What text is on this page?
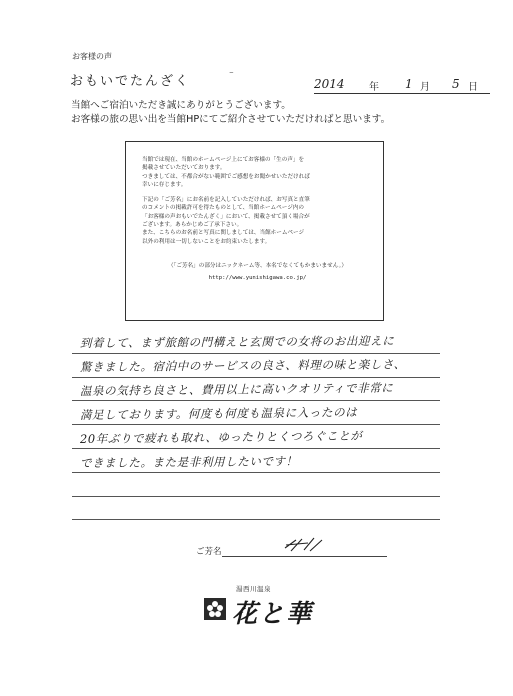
お客様の声
おもいでたんざく	⁻
2014 年 1 月 5 日
当館へご宿泊いただき誠にありがとうございます。
お客様の旅の思い出を当館HPにてご紹介させていただければと思います。

当館では現在、当館のホームページ上にてお客様の「生の声」を

掲載させていただいております。

つきましては、不都合がない範囲でご感想をお聞かせいただければ

幸いに存じます。

下記の「ご芳名」にお名前を記入していただければ、お写真と直筆

のコメントの掲載許可を得たものとして、当館ホームページ内の

「お客様の声おもいでたんざく」において、掲載させて頂く場合が

ございます。あらかじめご了承下さい。

また、こちらのお名前と写真に関しましては、当館ホームページ

以外の利用は一切しないことをお約束いたします。

（「ご芳名」の部分はニックネーム等、本名でなくてもかまいません。）

http://www.yunishigawa.co.jp/

到着して、まず旅館の門構えと玄関での女将のお出迎えに
驚きました。宿泊中のサービスの良さ、料理の味と楽しさ、
温泉の気持ち良さと、費用以上に高いクオリティで非常に
満足しております。何度も何度も温泉に入ったのは
20年ぶりで疲れも取れ、ゆったりとくつろぐことが
できました。また是非利用したいです！
ご芳名
湯西川温泉
花と華
